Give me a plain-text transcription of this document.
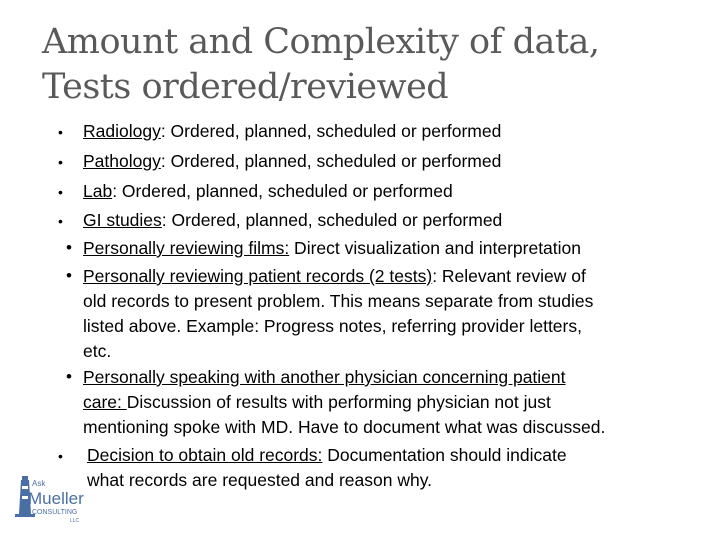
Amount and Complexity of data,
Tests ordered/reviewed
• Radiology: Ordered, planned, scheduled or performed
• Pathology: Ordered, planned, scheduled or performed
• Lab: Ordered, planned, scheduled or performed
• GI studies: Ordered, planned, scheduled or performed
• Personally reviewing films: Direct visualization and interpretation
• Personally reviewing patient records (2 tests): Relevant review of
old records to present problem. This means separate from studies
listed above. Example: Progress notes, referring provider letters,
etc.
• Personally speaking with another physician concerning patient
care: Discussion of results with performing physician not just
mentioning spoke with MD. Have to document what was discussed.
• Decision to obtain old records: Documentation should indicate
what records are requested and reason why.
Ask
Mueller
CONSULTING
LLC
